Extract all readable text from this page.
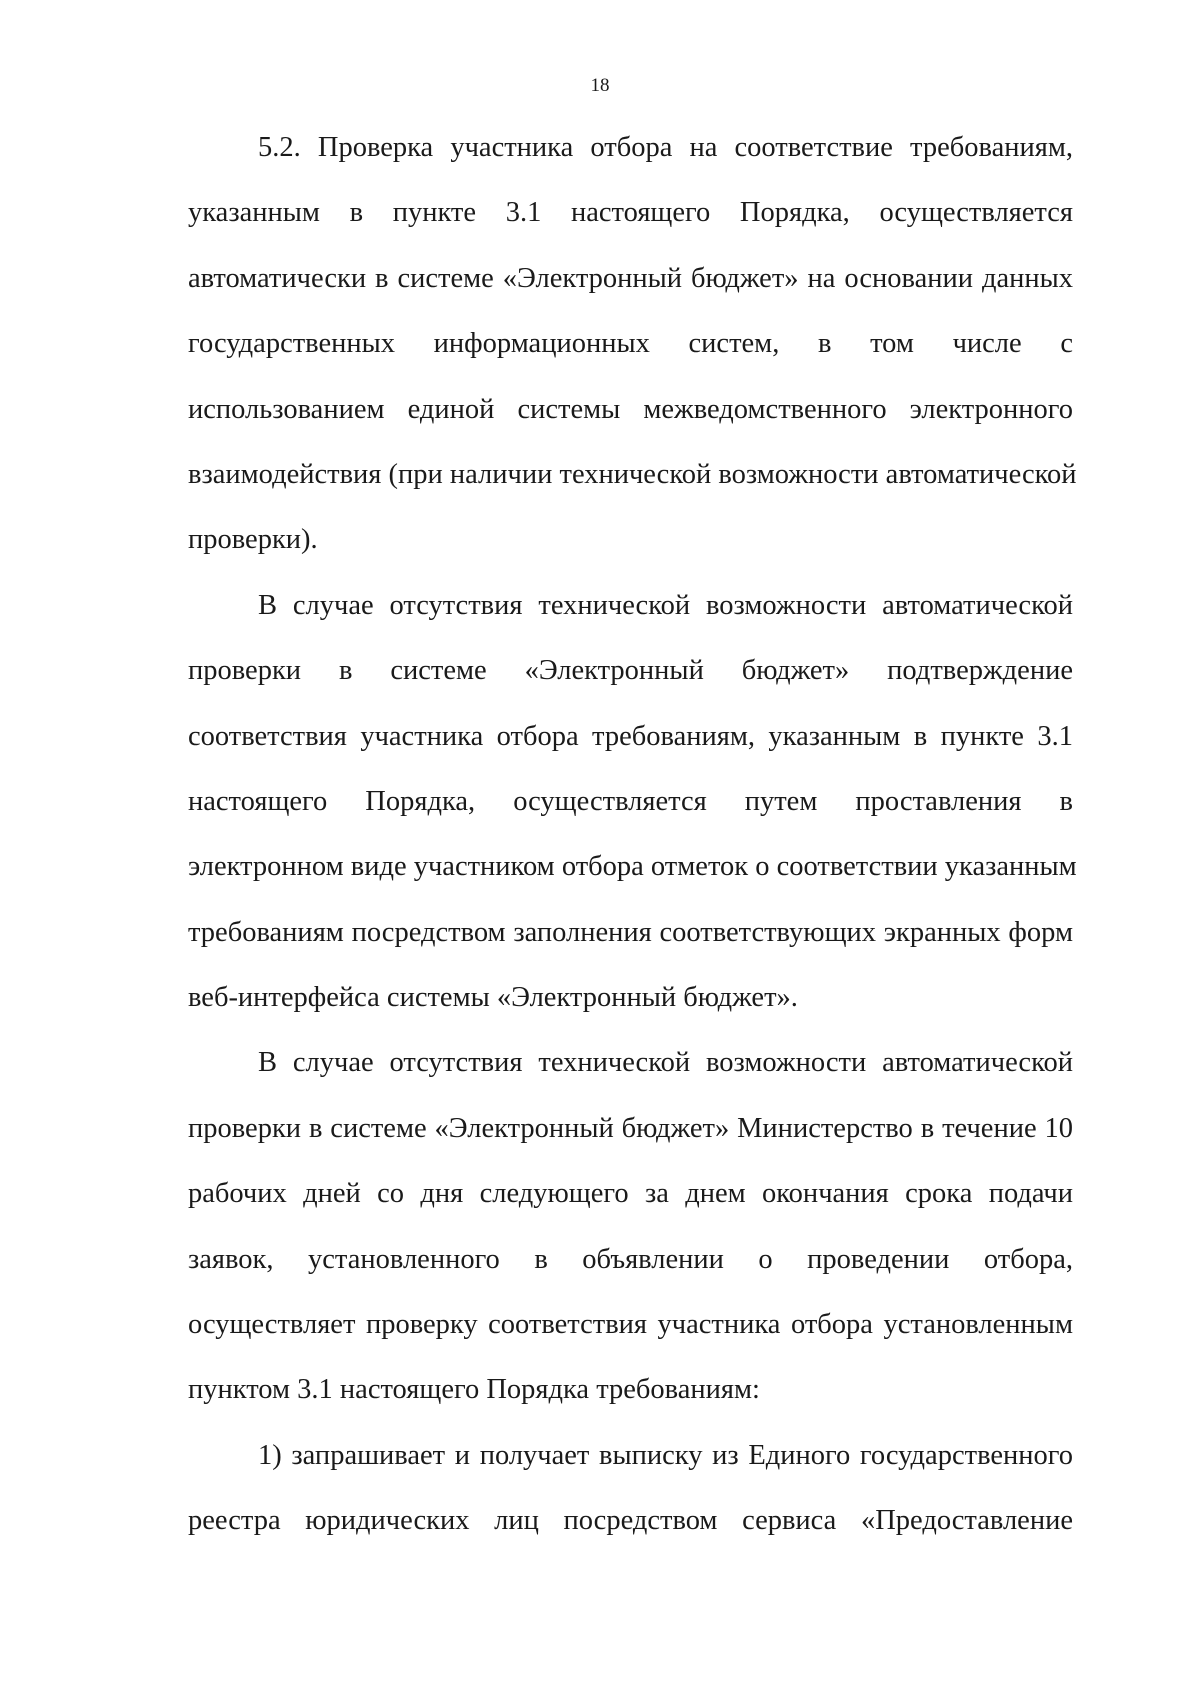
18
5.2. Проверка участника отбора на соответствие требованиям,
указанным в пункте 3.1 настоящего Порядка, осуществляется
автоматически в системе «Электронный бюджет» на основании данных
государственных информационных систем, в том числе с
использованием единой системы межведомственного электронного
взаимодействия (при наличии технической возможности автоматической
проверки).
В случае отсутствия технической возможности автоматической
проверки в системе «Электронный бюджет» подтверждение
соответствия участника отбора требованиям, указанным в пункте 3.1
настоящего Порядка, осуществляется путем проставления в
электронном виде участником отбора отметок о соответствии указанным
требованиям посредством заполнения соответствующих экранных форм
веб-интерфейса системы «Электронный бюджет».
В случае отсутствия технической возможности автоматической
проверки в системе «Электронный бюджет» Министерство в течение 10
рабочих дней со дня следующего за днем окончания срока подачи
заявок, установленного в объявлении о проведении отбора,
осуществляет проверку соответствия участника отбора установленным
пунктом 3.1 настоящего Порядка требованиям:
1) запрашивает и получает выписку из Единого государственного
реестра юридических лиц посредством сервиса «Предоставление
